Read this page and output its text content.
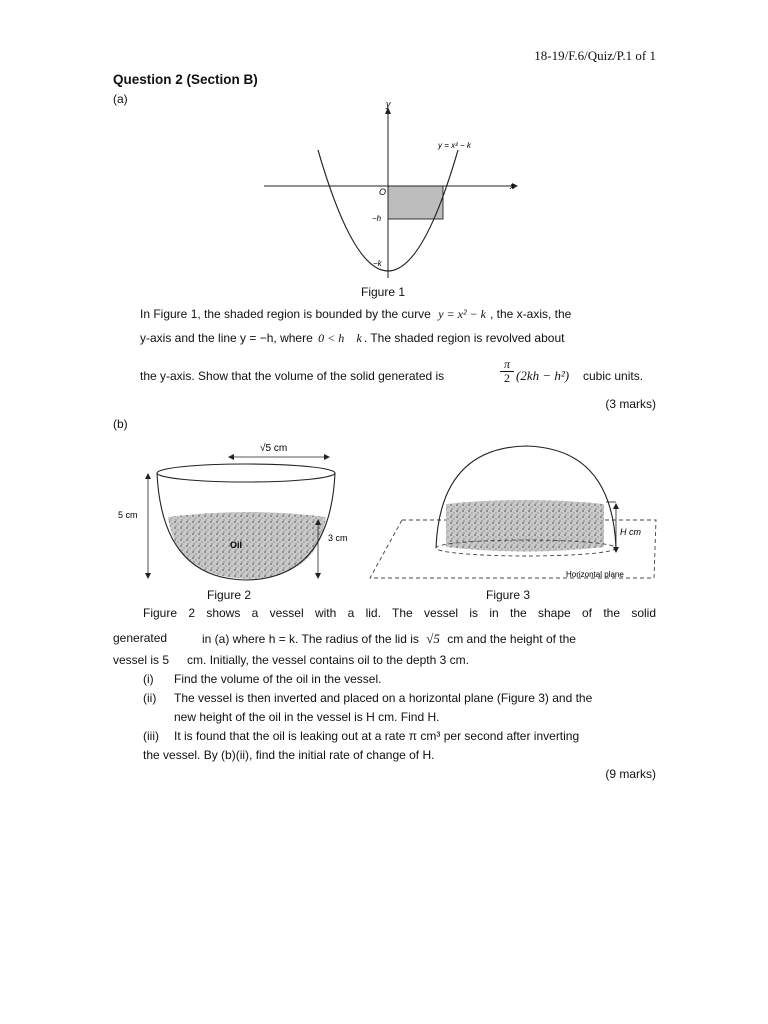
18-19/F.6/Quiz/P.1 of 1
Question 2 (Section B)
(a)	y
x
y = x² − k
O
−h
−k
Figure 1
In Figure 1, the shaded region is bounded by the curve y = x² − k , the x-axis, the
y-axis and the line y = −h, where 0 < h  k . The shaded region is revolved about
the y-axis. Show that the volume of the solid generated is
π
2 (2kh − h²) cubic units.
(3 marks)
(b)
√5 cm
5 cm
Oil
3 cm
Figure 2
H cm
Horizontal plane
Figure 3
Figure 2 shows a vessel with a lid. The vessel is in the shape of the solid
generated	in (a) where h = k. The radius of the lid is √5 cm and the height of the
vessel is 5 cm. Initially, the vessel contains oil to the depth 3 cm.
(i) Find the volume of the oil in the vessel.
(ii) The vessel is then inverted and placed on a horizontal plane (Figure 3) and the
new height of the oil in the vessel is H cm. Find H.
(iii) It is found that the oil is leaking out at a rate π cm³ per second after inverting
the vessel. By (b)(ii), find the initial rate of change of H.
(9 marks)
